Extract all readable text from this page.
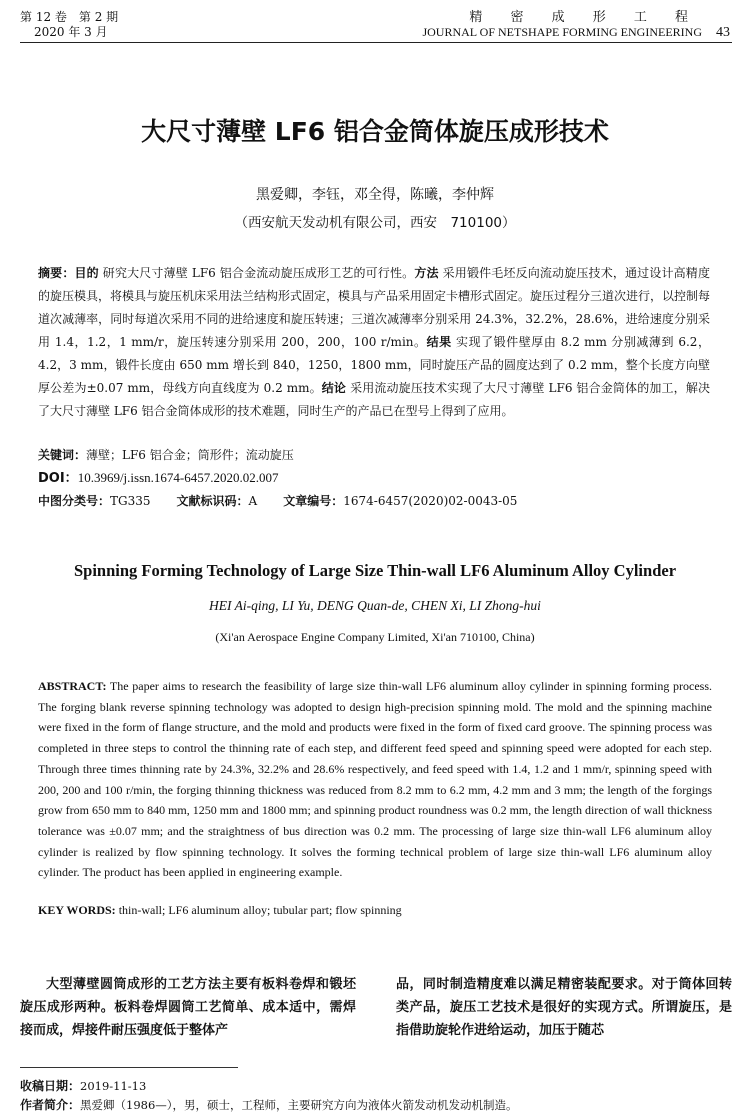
第 12 卷　第 2 期
2020 年 3 月
精 密 成 形 工 程
JOURNAL OF NETSHAPE FORMING ENGINEERING 43
大尺寸薄壁 LF6 铝合金筒体旋压成形技术
黑爱卿，李钰，邓全得，陈曦，李仲辉
（西安航天发动机有限公司，西安　710100）
摘要：目的 研究大尺寸薄壁 LF6 铝合金流动旋压成形工艺的可行性。方法 采用锻件毛坯反向流动旋压技术，通过设计高精度的旋压模具，将模具与旋压机床采用法兰结构形式固定，模具与产品采用固定卡槽形式固定。旋压过程分三道次进行，以控制每道次减薄率，同时每道次采用不同的进给速度和旋压转速；三道次减薄率分别采用 24.3%，32.2%，28.6%，进给速度分别采用 1.4，1.2，1 mm/r，旋压转速分别采用 200，200，100 r/min。结果 实现了锻件壁厚由 8.2 mm 分别减薄到 6.2，4.2，3 mm，锻件长度由 650 mm 增长到 840，1250，1800 mm，同时旋压产品的圆度达到了 0.2 mm，整个长度方向壁厚公差为±0.07 mm，母线方向直线度为 0.2 mm。结论 采用流动旋压技术实现了大尺寸薄壁 LF6 铝合金筒体的加工，解决了大尺寸薄壁 LF6 铝合金筒体成形的技术难题，同时生产的产品已在型号上得到了应用。
关键词：薄壁；LF6 铝合金；筒形件；流动旋压
DOI：10.3969/j.issn.1674-6457.2020.02.007
中图分类号：TG335 文献标识码：A 文章编号：1674-6457(2020)02-0043-05
Spinning Forming Technology of Large Size Thin-wall LF6 Aluminum Alloy Cylinder
HEI Ai-qing, LI Yu, DENG Quan-de, CHEN Xi, LI Zhong-hui
(Xi'an Aerospace Engine Company Limited, Xi'an 710100, China)
ABSTRACT: The paper aims to research the feasibility of large size thin-wall LF6 aluminum alloy cylinder in spinning forming process. The forging blank reverse spinning technology was adopted to design high-precision spinning mold. The mold and the spinning machine were fixed in the form of flange structure, and the mold and products were fixed in the form of fixed card groove. The spinning process was completed in three steps to control the thinning rate of each step, and different feed speed and spinning speed were adopted for each step. Through three times thinning rate by 24.3%, 32.2% and 28.6% respectively, and feed speed with 1.4, 1.2 and 1 mm/r, spinning speed with 200, 200 and 100 r/min, the forging thinning thickness was reduced from 8.2 mm to 6.2 mm, 4.2 mm and 3 mm; the length of the forgings grow from 650 mm to 840 mm, 1250 mm and 1800 mm; and spinning product roundness was 0.2 mm, the length direction of wall thickness tolerance was ±0.07 mm; and the straightness of bus direction was 0.2 mm. The processing of large size thin-wall LF6 aluminum alloy cylinder is realized by flow spinning technology. It solves the forming technical problem of large size thin-wall LF6 aluminum alloy cylinder. The product has been applied in engineering example.
KEY WORDS: thin-wall; LF6 aluminum alloy; tubular part; flow spinning
大型薄壁圆筒成形的工艺方法主要有板料卷焊和锻坯旋压成形两种。板料卷焊圆筒工艺简单、成本适中，需焊接而成，焊接件耐压强度低于整体产
品，同时制造精度难以满足精密装配要求。对于筒体回转类产品，旋压工艺技术是很好的实现方式。所谓旋压，是指借助旋轮作进给运动，加压于随芯
收稿日期：2019-11-13
作者简介：黑爱卿（1986—），男，硕士，工程师，主要研究方向为液体火箭发动机发动机制造。
